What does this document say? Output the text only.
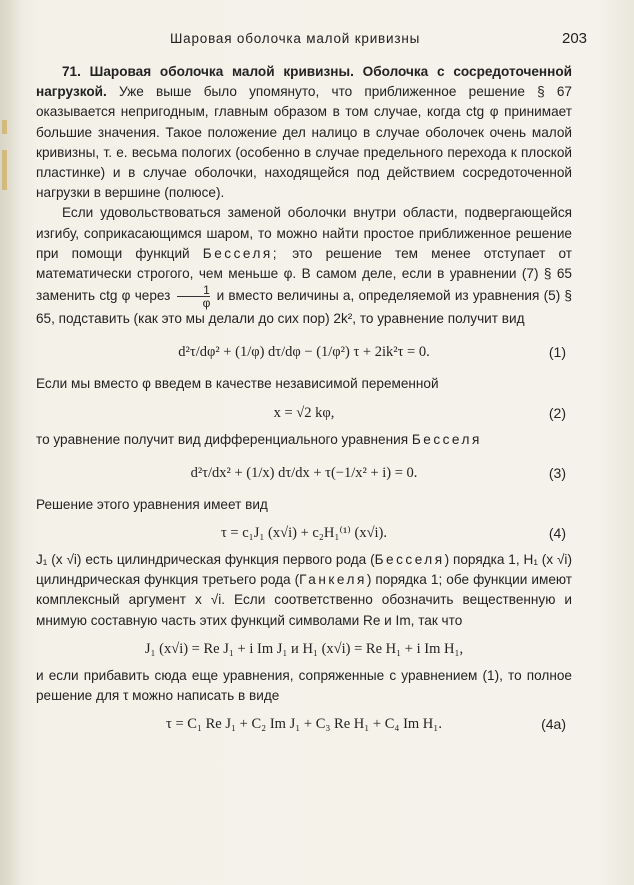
Шаровая оболочка малой кривизны	203

71. Шаровая оболочка малой кривизны. Оболочка с сосредоточенной нагрузкой. Уже выше было упомянуто, что приближенное решение § 67 оказывается непригодным, главным образом в том случае, когда ctg φ принимает большие значения. Такое положение дел налицо в случае оболочек очень малой кривизны, т. е. весьма пологих (особенно в случае предельного перехода к плоской пластинке) и в случае оболочки, находящейся под действием сосредоточенной нагрузки в вершине (полюсе).

Если удовольствоваться заменой оболочки внутри области, подвергающейся изгибу, соприкасающимся шаром, то можно найти простое приближенное решение при помощи функций Бесселя; это решение тем менее отступает от математически строгого, чем меньше φ. В самом деле, если в уравнении (7) § 65 заменить ctg φ через $\frac{1}{\varphi}$ и вместо величины a, определяемой из уравнения (5) § 65, подставить (как это мы делали до сих пор) 2k², то уравнение получит вид

d²τ/dφ² + (1/φ) dτ/dφ − (1/φ²) τ + 2ik²τ = 0.	(1)

Если мы вместо φ введем в качестве независимой переменной

x = √2 kφ,	(2)

то уравнение получит вид дифференциального уравнения Бесселя

d²τ/dx² + (1/x) dτ/dx + τ(−1/x² + i) = 0.	(3)

Решение этого уравнения имеет вид

τ = c₁J₁ (x√i) + c₂H₁⁽¹⁾ (x√i).	(4)

J₁ (x √i) есть цилиндрическая функция первого рода (Бесселя) порядка 1, H₁ (x √i) цилиндрическая функция третьего рода (Ганкеля) порядка 1; обе функции имеют комплексный аргумент x √i. Если соответственно обозначить вещественную и мнимую составную часть этих функций символами Re и Im, так что

J₁ (x√i) = Re J₁ + i Im J₁ и H₁ (x√i) = Re H₁ + i Im H₁,

и если прибавить сюда еще уравнения, сопряженные с уравнением (1), то полное решение для τ можно написать в виде

τ = C₁ Re J₁ + C₂ Im J₁ + C₃ Re H₁ + C₄ Im H₁.	(4a)
